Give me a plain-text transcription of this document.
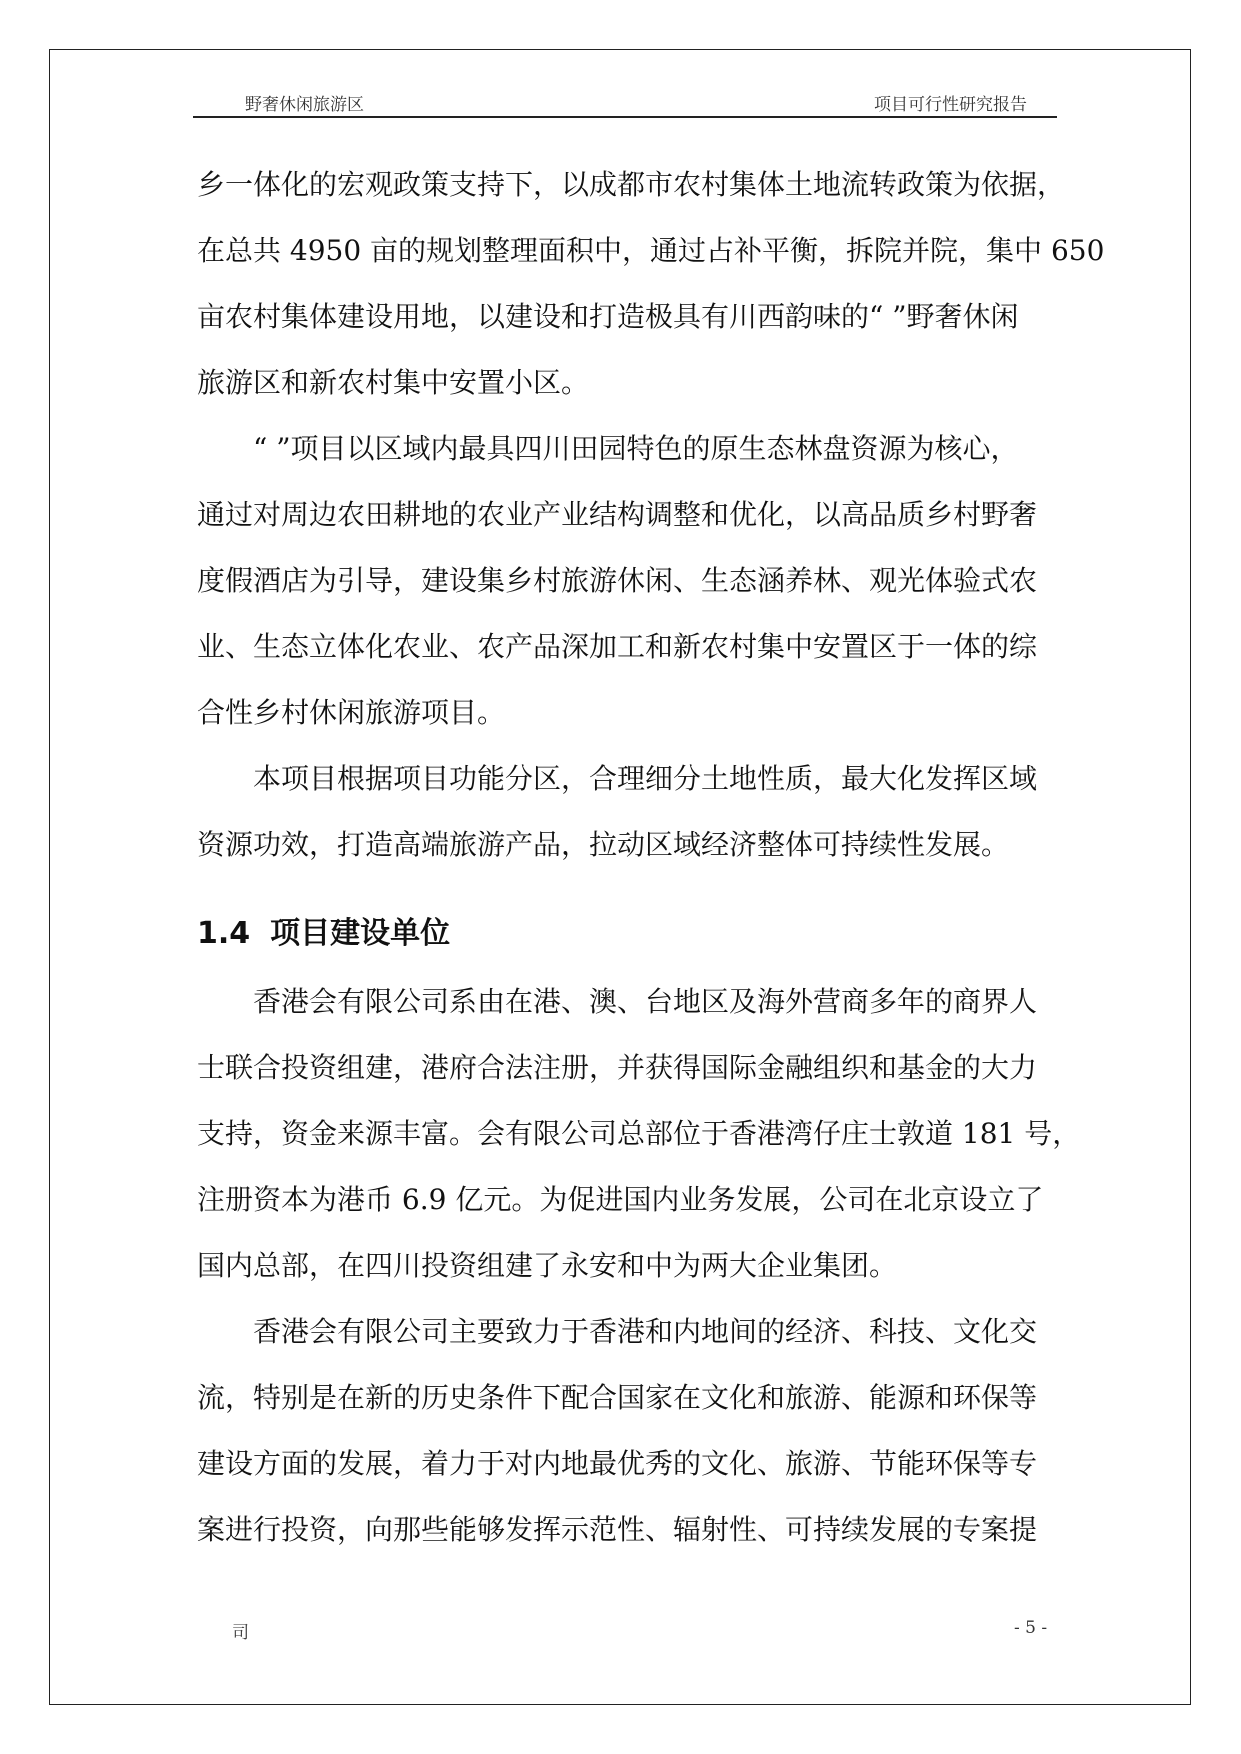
野奢休闲旅游区	项目可行性研究报告
乡一体化的宏观政策支持下，以成都市农村集体土地流转政策为依据，
在总共 4950 亩的规划整理面积中，通过占补平衡，拆院并院，集中 650
亩农村集体建设用地，以建设和打造极具有川西韵味的“ ”野奢休闲
旅游区和新农村集中安置小区。
　　“ ”项目以区域内最具四川田园特色的原生态林盘资源为核心，
通过对周边农田耕地的农业产业结构调整和优化，以高品质乡村野奢
度假酒店为引导，建设集乡村旅游休闲、生态涵养林、观光体验式农
业、生态立体化农业、农产品深加工和新农村集中安置区于一体的综
合性乡村休闲旅游项目。
　　本项目根据项目功能分区，合理细分土地性质，最大化发挥区域
资源功效，打造高端旅游产品，拉动区域经济整体可持续性发展。
1.4 项目建设单位
　　香港会有限公司系由在港、澳、台地区及海外营商多年的商界人
士联合投资组建，港府合法注册，并获得国际金融组织和基金的大力
支持，资金来源丰富。会有限公司总部位于香港湾仔庄士敦道 181 号，
注册资本为港币 6.9 亿元。为促进国内业务发展，公司在北京设立了
国内总部，在四川投资组建了永安和中为两大企业集团。
　　香港会有限公司主要致力于香港和内地间的经济、科技、文化交
流，特别是在新的历史条件下配合国家在文化和旅游、能源和环保等
建设方面的发展，着力于对内地最优秀的文化、旅游、节能环保等专
案进行投资，向那些能够发挥示范性、辐射性、可持续发展的专案提
司	- 5 -
